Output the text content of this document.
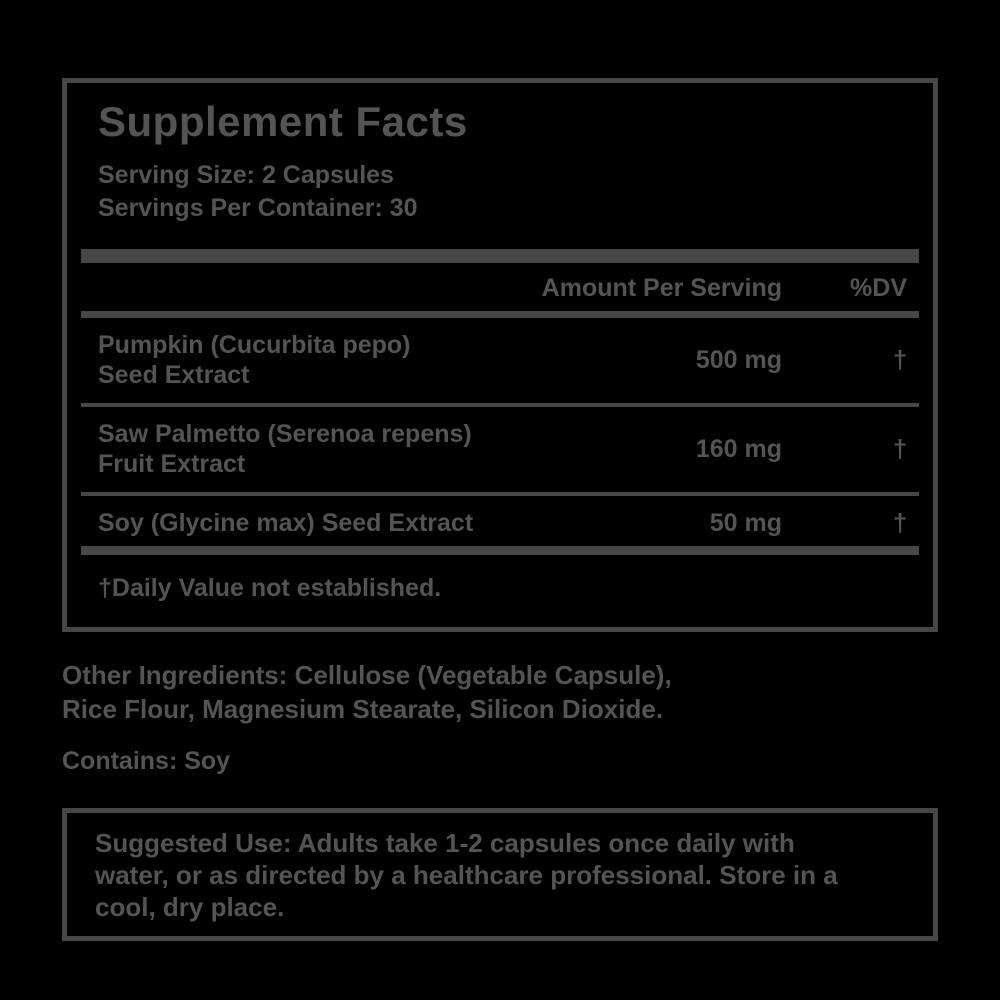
Supplement Facts
Serving Size: 2 Capsules
Servings Per Container: 30
Amount Per Serving	%DV
Pumpkin (Cucurbita pepo)
Seed Extract
500 mg	†
Saw Palmetto (Serenoa repens)
Fruit Extract
160 mg	†
Soy (Glycine max) Seed Extract	50 mg	†
†Daily Value not established.
Other Ingredients: Cellulose (Vegetable Capsule),
Rice Flour, Magnesium Stearate, Silicon Dioxide.
Contains: Soy
Suggested Use: Adults take 1-2 capsules once daily with
water, or as directed by a healthcare professional. Store in a
cool, dry place.
